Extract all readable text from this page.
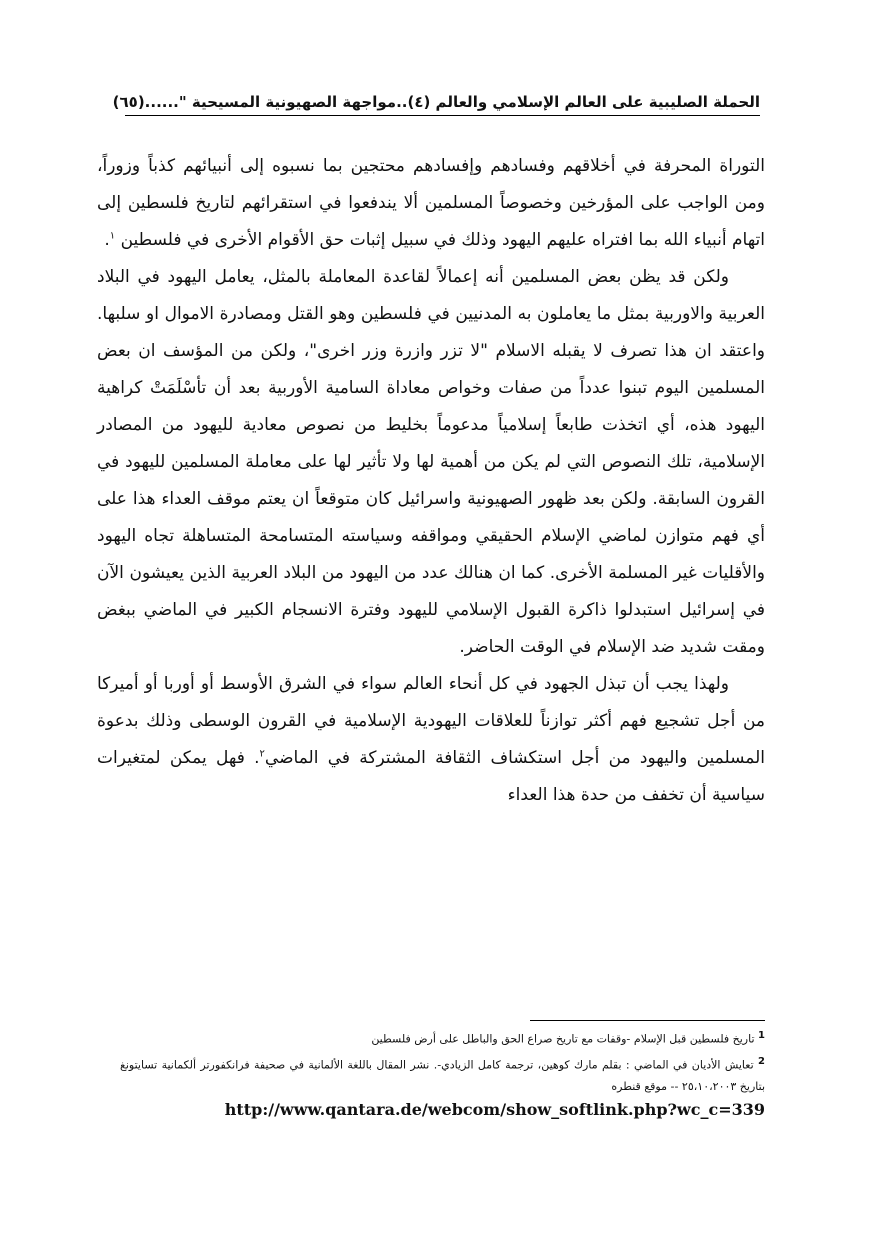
الحملة الصليبية على العالم الإسلامي والعالم (٤)..مواجهة الصهيونية المسيحية "......
(٦٥)

التوراة المحرفة في أخلاقهم وفسادهم وإفسادهم محتجين بما نسبوه إلى أنبيائهم كذباً وزوراً، ومن الواجب على المؤرخين وخصوصاً المسلمين ألا يندفعوا في استقرائهم لتاريخ فلسطين إلى اتهام أنبياء الله بما افتراه عليهم اليهود وذلك في سبيل إثبات حق الأقوام الأخرى في فلسطين $^١$.

ولكن قد يظن بعض المسلمين أنه إعمالاً لقاعدة المعاملة بالمثل، يعامل اليهود في البلاد العربية والاوربية بمثل ما يعاملون به المدنيين في فلسطين وهو القتل ومصادرة الاموال او سلبها. واعتقد ان هذا تصرف لا يقبله الاسلام "لا تزر وازرة وزر اخرى"، ولكن من المؤسف ان بعض المسلمين اليوم تبنوا عدداً من صفات وخواص معاداة السامية الأوربية بعد أن تأسْلَمَتْ كراهية اليهود هذه، أي اتخذت طابعاً إسلامياً مدعوماً بخليط من نصوص معادية لليهود من المصادر الإسلامية، تلك النصوص التي لم يكن من أهمية لها ولا تأثير لها على معاملة المسلمين لليهود في القرون السابقة. ولكن بعد ظهور الصهيونية واسرائيل كان متوقعاً ان يعتم موقف العداء هذا على أي فهم متوازن لماضي الإسلام الحقيقي ومواقفه وسياسته المتسامحة المتساهلة تجاه اليهود والأقليات غير المسلمة الأخرى. كما ان هنالك عدد من اليهود من البلاد العربية الذين يعيشون الآن في إسرائيل استبدلوا ذاكرة القبول الإسلامي لليهود وفترة الانسجام الكبير في الماضي ببغض ومقت شديد ضد الإسلام في الوقت الحاضر.

ولهذا يجب أن تبذل الجهود في كل أنحاء العالم سواء في الشرق الأوسط أو أوربا أو أميركا من أجل تشجيع فهم أكثر توازناً للعلاقات اليهودية الإسلامية في القرون الوسطى وذلك بدعوة المسلمين واليهود من أجل استكشاف الثقافة المشتركة في الماضي$^٢$. فهل يمكن لمتغيرات سياسية أن تخفف من حدة هذا العداء

$^1$ تاريخ فلسطين قبل الإسلام -وقفات مع تاريخ صراع الحق والباطل على أرض فلسطين

$^2$ تعايش الأديان في الماضي : بقلم مارك كوهين، ترجمة كامل الزيادي-. نشر المقال باللغة الألمانية في صحيفة فرانكفورتر ألكمانية تسايتونغ بتاريخ ٢٥،١٠،٢٠٠٣ -- موقع قنطره

http://www.qantara.de/webcom/show_softlink.php?wc_c=339
